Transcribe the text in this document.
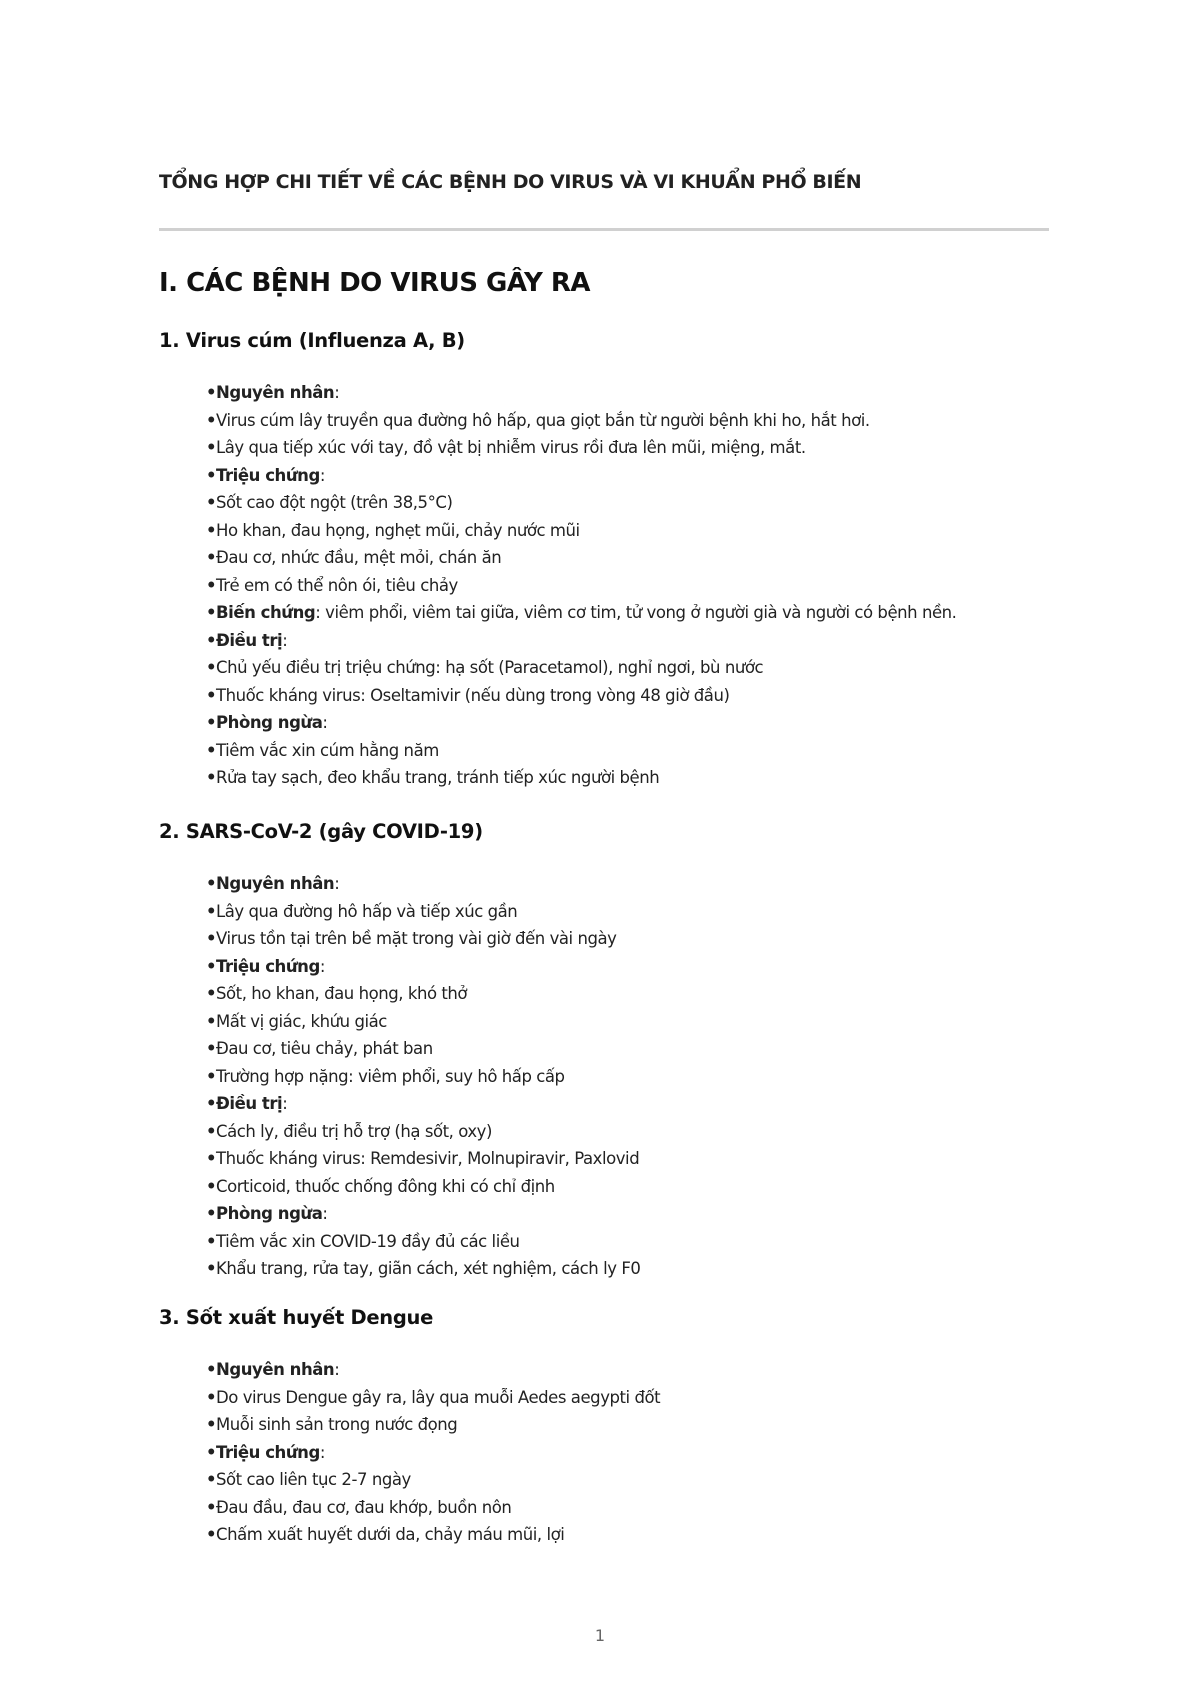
TỔNG HỢP CHI TIẾT VỀ CÁC BỆNH DO VIRUS VÀ VI KHUẨN PHỔ BIẾN
I. CÁC BỆNH DO VIRUS GÂY RA
1. Virus cúm (Influenza A, B)
•Nguyên nhân:
•Virus cúm lây truyền qua đường hô hấp, qua giọt bắn từ người bệnh khi ho, hắt hơi.
•Lây qua tiếp xúc với tay, đồ vật bị nhiễm virus rồi đưa lên mũi, miệng, mắt.
•Triệu chứng:
•Sốt cao đột ngột (trên 38,5°C)
•Ho khan, đau họng, nghẹt mũi, chảy nước mũi
•Đau cơ, nhức đầu, mệt mỏi, chán ăn
•Trẻ em có thể nôn ói, tiêu chảy
•Biến chứng: viêm phổi, viêm tai giữa, viêm cơ tim, tử vong ở người già và người có bệnh nền.
•Điều trị:
•Chủ yếu điều trị triệu chứng: hạ sốt (Paracetamol), nghỉ ngơi, bù nước
•Thuốc kháng virus: Oseltamivir (nếu dùng trong vòng 48 giờ đầu)
•Phòng ngừa:
•Tiêm vắc xin cúm hằng năm
•Rửa tay sạch, đeo khẩu trang, tránh tiếp xúc người bệnh
2. SARS-CoV-2 (gây COVID-19)
•Nguyên nhân:
•Lây qua đường hô hấp và tiếp xúc gần
•Virus tồn tại trên bề mặt trong vài giờ đến vài ngày
•Triệu chứng:
•Sốt, ho khan, đau họng, khó thở
•Mất vị giác, khứu giác
•Đau cơ, tiêu chảy, phát ban
•Trường hợp nặng: viêm phổi, suy hô hấp cấp
•Điều trị:
•Cách ly, điều trị hỗ trợ (hạ sốt, oxy)
•Thuốc kháng virus: Remdesivir, Molnupiravir, Paxlovid
•Corticoid, thuốc chống đông khi có chỉ định
•Phòng ngừa:
•Tiêm vắc xin COVID-19 đầy đủ các liều
•Khẩu trang, rửa tay, giãn cách, xét nghiệm, cách ly F0
3. Sốt xuất huyết Dengue
•Nguyên nhân:
•Do virus Dengue gây ra, lây qua muỗi Aedes aegypti đốt
•Muỗi sinh sản trong nước đọng
•Triệu chứng:
•Sốt cao liên tục 2-7 ngày
•Đau đầu, đau cơ, đau khớp, buồn nôn
•Chấm xuất huyết dưới da, chảy máu mũi, lợi
1
